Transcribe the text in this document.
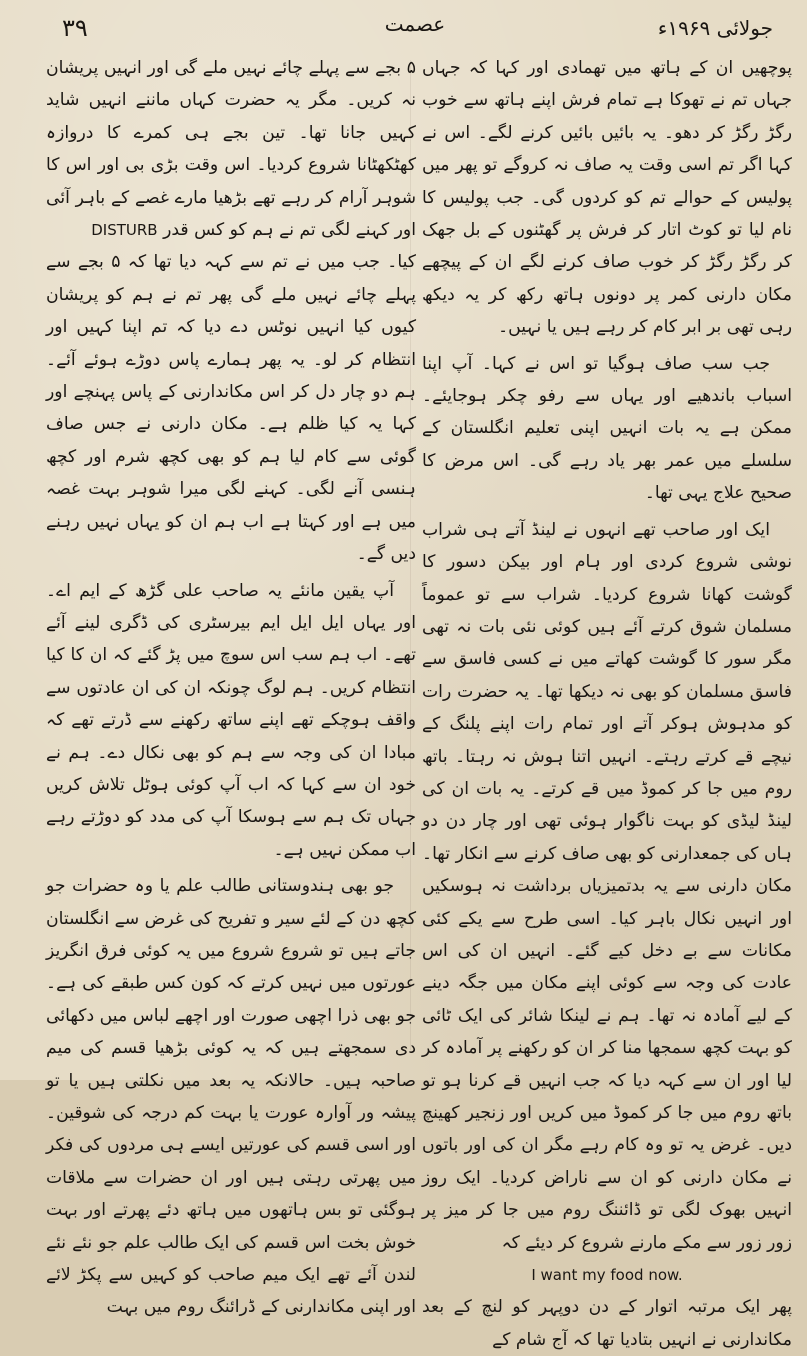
۳۹	عصمت	جولائی ۱۹۶۹ء

پوچھیں ان کے ہاتھ میں تھمادی اور کہا کہ جہاں جہاں تم نے تھوکا ہے تمام فرش اپنے ہاتھ سے خوب رگڑ رگڑ کر دھو۔ یہ بائیں بائیں کرنے لگے۔ اس نے کہا اگر تم اسی وقت یہ صاف نہ کروگے تو پھر میں پولیس کے حوالے تم کو کردوں گی۔ جب پولیس کا نام لیا تو کوٹ اتار کر فرش پر گھٹنوں کے بل جھک کر رگڑ رگڑ کر خوب صاف کرنے لگے ان کے پیچھے مکان دارنی کمر پر دونوں ہاتھ رکھ کر یہ دیکھ رہی تھی بر ابر کام کر رہے ہیں یا نہیں۔

جب سب صاف ہوگیا تو اس نے کہا۔ آپ اپنا اسباب باندھیے اور یہاں سے رفو چکر ہوجایئے۔ ممکن ہے یہ بات انہیں اپنی تعلیم انگلستان کے سلسلے میں عمر بھر یاد رہے گی۔ اس مرض کا صحیح علاج یہی تھا۔

ایک اور صاحب تھے انہوں نے لینڈ آتے ہی شراب نوشی شروع کردی اور ہام اور بیکن دسور کا گوشت کھانا شروع کردیا۔ شراب سے تو عموماً مسلمان شوق کرتے آئے ہیں کوئی نئی بات نہ تھی مگر سور کا گوشت کھاتے میں نے کسی فاسق سے فاسق مسلمان کو بھی نہ دیکھا تھا۔ یہ حضرت رات کو مدہوش ہوکر آتے اور تمام رات اپنے پلنگ کے نیچے قے کرتے رہتے۔ انہیں اتنا ہوش نہ رہتا۔ باتھ روم میں جا کر کموڈ میں قے کرتے۔ یہ بات ان کی لینڈ لیڈی کو بہت ناگوار ہوئی تھی اور چار دن دو ہاں کی جمعدارنی کو بھی صاف کرنے سے انکار تھا۔ مکان دارنی سے یہ بدتمیزیاں برداشت نہ ہوسکیں اور انہیں نکال باہر کیا۔ اسی طرح سے یکے کئی مکانات سے بے دخل کیے گئے۔ انہیں ان کی اس عادت کی وجہ سے کوئی اپنے مکان میں جگہ دینے کے لیے آمادہ نہ تھا۔ ہم نے لینکا شائر کی ایک ٹائی کو بہت کچھ سمجھا منا کر ان کو رکھنے پر آمادہ کر لیا اور ان سے کہہ دیا کہ جب انہیں قے کرنا ہو تو باتھ روم میں جا کر کموڈ میں کریں اور زنجیر کھینچ دیں۔ غرض یہ تو وہ کام رہے مگر ان کی اور باتوں نے مکان دارنی کو ان سے ناراض کردیا۔ ایک روز انہیں بھوک لگی تو ڈائننگ روم میں جا کر میز پر زور زور سے مکے مارنے شروع کر دیئے کہ

I want my food now.

پھر ایک مرتبہ اتوار کے دن دوپہر کو لنچ کے بعد مکاندارنی نے انہیں بتادیا تھا کہ آج شام کے

۵ بجے سے پہلے چائے نہیں ملے گی اور انہیں پریشان نہ کریں۔ مگر یہ حضرت کہاں ماننے انہیں شاید کہیں جانا تھا۔ تین بجے ہی کمرے کا دروازہ کھٹکھٹانا شروع کردیا۔ اس وقت بڑی بی اور اس کا شوہر آرام کر رہے تھے بڑھیا مارے غصے کے باہر آئی اور کہنے لگی تم نے ہم کو کس قدر DISTURB

کیا۔ جب میں نے تم سے کہہ دیا تھا کہ ۵ بجے سے پہلے چائے نہیں ملے گی پھر تم نے ہم کو پریشان کیوں کیا انہیں نوٹس دے دیا کہ تم اپنا کہیں اور انتظام کر لو۔ یہ پھر ہمارے پاس دوڑے ہوئے آئے۔ ہم دو چار دل کر اس مکاندارنی کے پاس پہنچے اور کہا یہ کیا ظلم ہے۔ مکان دارنی نے جس صاف گوئی سے کام لیا ہم کو بھی کچھ شرم اور کچھ ہنسی آنے لگی۔ کہنے لگی میرا شوہر بہت غصہ میں ہے اور کہتا ہے اب ہم ان کو یہاں نہیں رہنے دیں گے۔

آپ یقین مانئے یہ صاحب علی گڑھ کے ایم اے۔ اور یہاں ایل ایل ایم بیرسٹری کی ڈگری لینے آئے تھے۔ اب ہم سب اس سوچ میں پڑ گئے کہ ان کا کیا انتظام کریں۔ ہم لوگ چونکہ ان کی ان عادتوں سے واقف ہوچکے تھے اپنے ساتھ رکھنے سے ڈرتے تھے کہ مبادا ان کی وجہ سے ہم کو بھی نکال دے۔ ہم نے خود ان سے کہا کہ اب آپ کوئی ہوٹل تلاش کریں جہاں تک ہم سے ہوسکا آپ کی مدد کو دوڑتے رہے اب ممکن نہیں ہے۔

جو بھی ہندوستانی طالب علم یا وہ حضرات جو کچھ دن کے لئے سیر و تفریح کی غرض سے انگلستان جاتے ہیں تو شروع شروع میں یہ کوئی فرق انگریز عورتوں میں نہیں کرتے کہ کون کس طبقے کی ہے۔ جو بھی ذرا اچھی صورت اور اچھے لباس میں دکھائی دی سمجھتے ہیں کہ یہ کوئی بڑھیا قسم کی میم صاحبہ ہیں۔ حالانکہ یہ بعد میں نکلتی ہیں یا تو پیشہ ور آوارہ عورت یا بہت کم درجہ کی شوقین۔ اور اسی قسم کی عورتیں ایسے ہی مردوں کی فکر میں پھرتی رہتی ہیں اور ان حضرات سے ملاقات ہوگئی تو بس ہاتھوں میں ہاتھ دئے پھرتے اور بہت خوش بخت اس قسم کی ایک طالب علم جو نئے نئے لندن آئے تھے ایک میم صاحب کو کہیں سے پکڑ لائے اور اپنی مکاندارنی کے ڈرائنگ روم میں بہت
